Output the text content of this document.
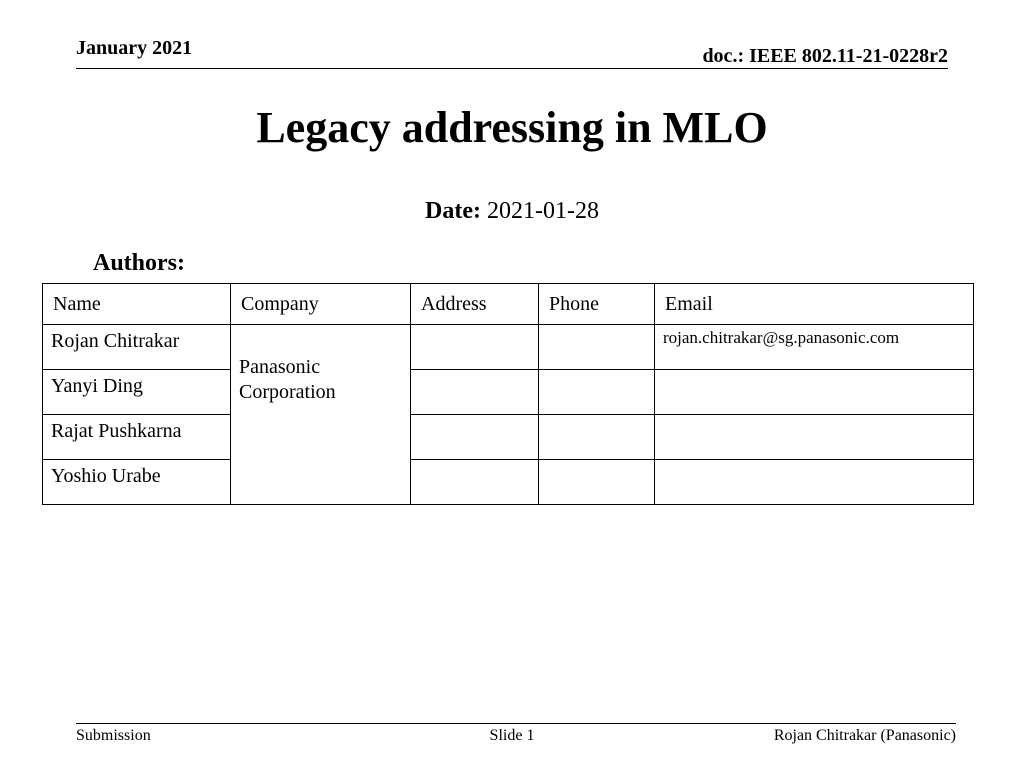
January 2021	doc.: IEEE 802.11-21-0228r2
Legacy addressing in MLO
Date: 2021-01-28
Authors:
Name	Company	Address	Phone	Email
Rojan Chitrakar	Panasonic Corporation			rojan.chitrakar@sg.panasonic.com
Yanyi Ding				
Rajat Pushkarna				
Yoshio Urabe				
Submission	Slide 1	Rojan Chitrakar (Panasonic)
